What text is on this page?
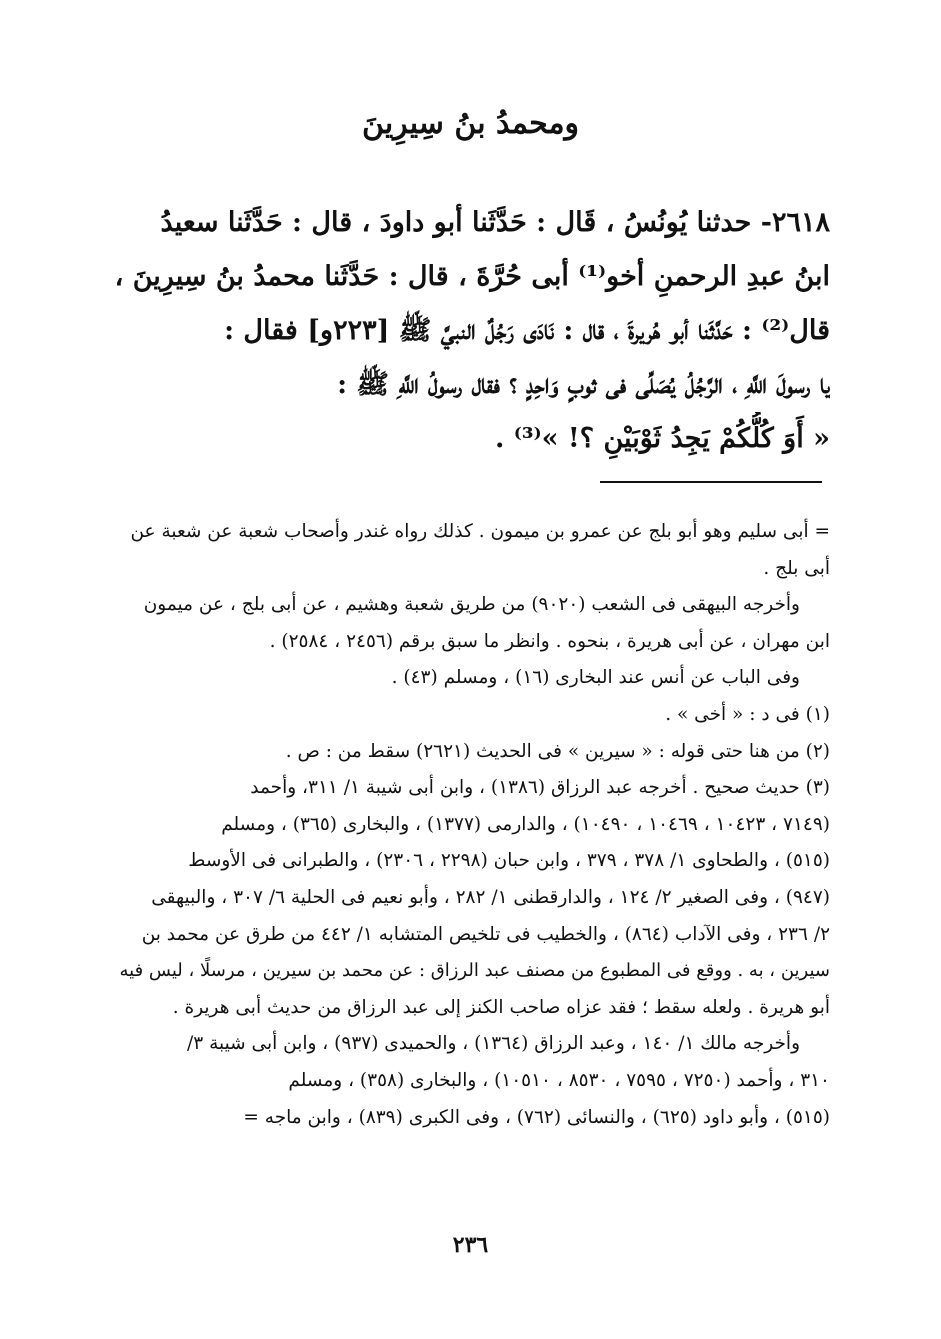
ومحمدُ بنُ سِيرِينَ
٢٦١٨- حدثنا يُونُسُ ، قَال : حَدَّثَنا أبو داودَ ، قال : حَدَّثَنا سعيدُ
ابنُ عبدِ الرحمنِ أخو⁽¹⁾ أبى حُرَّةَ ، قال : حَدَّثَنا محمدُ بنُ سِيرِينَ ،
قال⁽²⁾ : حَدَّثَنا أبو هُريرةَ ، قال : نَادَى رَجُلٌ النبيَّ ﷺ [٢٢٣و] فقال :
يا رسولَ اللَّهِ ، الرَّجُلُ يُصَلِّى فى ثوبٍ وَاحِدٍ ؟ فقال رسولُ اللَّهِ ﷺ :
« أَوَ كُلُّكُمْ يَجِدُ ثَوْبَيْنِ ؟! »⁽³⁾ .
= أبى سليم وهو أبو بلج عن عمرو بن ميمون . كذلك رواه غندر وأصحاب شعبة عن شعبة عن
أبى بلج .
وأخرجه البيهقى فى الشعب (٩٠٢٠) من طريق شعبة وهشيم ، عن أبى بلج ، عن ميمون
ابن مهران ، عن أبى هريرة ، بنحوه . وانظر ما سبق برقم (٢٤٥٦ ، ٢٥٨٤) .
وفى الباب عن أنس عند البخارى (١٦) ، ومسلم (٤٣) .
(١) فى د : « أخى » .
(٢) من هنا حتى قوله : « سيرين » فى الحديث (٢٦٢١) سقط من : ص .
(٣) حديث صحيح . أخرجه عبد الرزاق (١٣٨٦) ، وابن أبى شيبة ١/ ٣١١، وأحمد
(٧١٤٩ ، ١٠٤٢٣ ، ١٠٤٦٩ ، ١٠٤٩٠) ، والدارمى (١٣٧٧) ، والبخارى (٣٦٥) ، ومسلم
(٥١٥) ، والطحاوى ١/ ٣٧٨ ، ٣٧٩ ، وابن حبان (٢٢٩٨ ، ٢٣٠٦) ، والطبرانى فى الأوسط
(٩٤٧) ، وفى الصغير ٢/ ١٢٤ ، والدارقطنى ١/ ٢٨٢ ، وأبو نعيم فى الحلية ٦/ ٣٠٧ ، والبيهقى
٢/ ٢٣٦ ، وفى الآداب (٨٦٤) ، والخطيب فى تلخيص المتشابه ١/ ٤٤٢ من طرق عن محمد بن
سيرين ، به . ووقع فى المطبوع من مصنف عبد الرزاق : عن محمد بن سيرين ، مرسلًا ، ليس فيه
أبو هريرة . ولعله سقط ؛ فقد عزاه صاحب الكنز إلى عبد الرزاق من حديث أبى هريرة .
وأخرجه مالك ١/ ١٤٠ ، وعبد الرزاق (١٣٦٤) ، والحميدى (٩٣٧) ، وابن أبى شيبة ٣/
٣١٠ ، وأحمد (٧٢٥٠ ، ٧٥٩٥ ، ٨٥٣٠ ، ١٠٥١٠) ، والبخارى (٣٥٨) ، ومسلم
(٥١٥) ، وأبو داود (٦٢٥) ، والنسائى (٧٦٢) ، وفى الكبرى (٨٣٩) ، وابن ماجه =
٢٣٦
